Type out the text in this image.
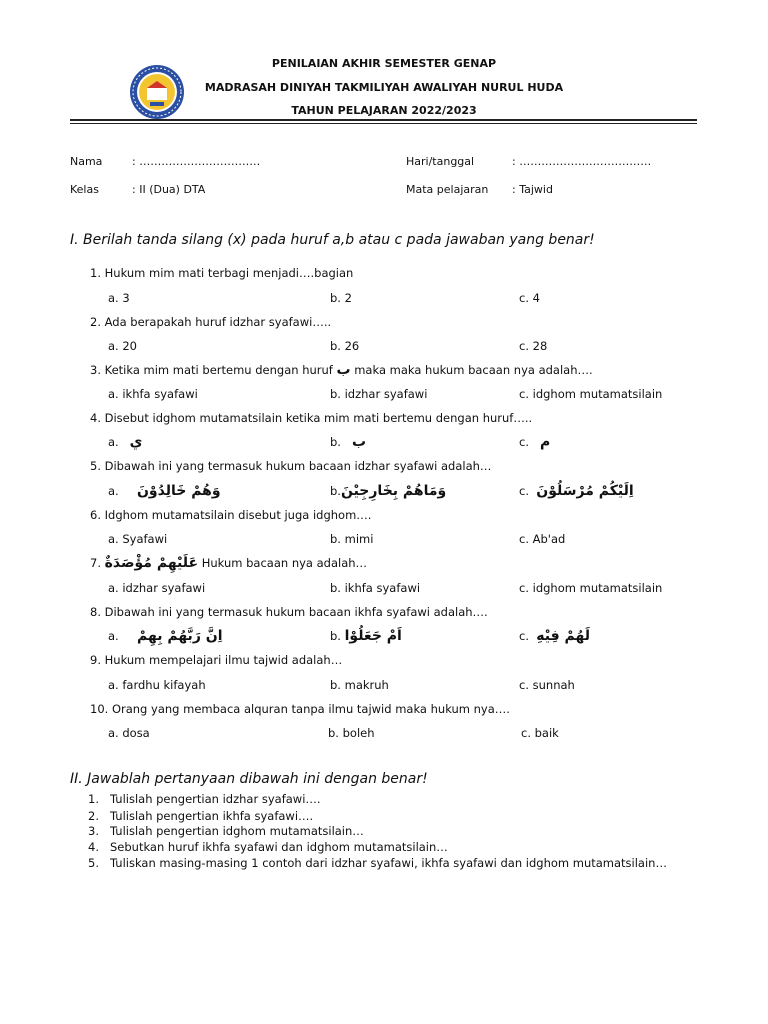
PENILAIAN AKHIR SEMESTER GENAP
MADRASAH DINIYAH TAKMILIYAH AWALIYAH NURUL HUDA
TAHUN PELAJARAN 2022/2023
Nama	: ……………………………	Hari/tanggal	: ………………………………
Kelas	: II (Dua) DTA	Mata pelajaran : Tajwid
I. Berilah tanda silang (x) pada huruf a,b atau c pada jawaban yang benar!
1. Hukum mim mati terbagi menjadi….bagian
a. 3	b. 2	c. 4
2. Ada berapakah huruf idzhar syafawi…..
a. 20	b. 26	c. 28
3. Ketika mim mati bertemu dengan huruf ب maka maka hukum bacaan nya adalah….
a. ikhfa syafawi	b. idzhar syafawi	c. idghom mutamatsilain
4. Disebut idghom mutamatsilain ketika mim mati bertemu dengan huruf…..
a. ي	b. ب	c. م
5. Dibawah ini yang termasuk hukum bacaan idzhar syafawi adalah…
a. وَهُمْ خَالِدُوْنَ	b.وَمَاهُمْ بِخَارِجِيْنَ	c. اِلَيْكُمْ مُرْسَلُوْنَ
6. Idghom mutamatsilain disebut juga idghom….
a. Syafawi	b. mimi	c. Ab'ad
7. عَلَيْهِمْ مُؤْصَدَةٌ Hukum bacaan nya adalah…
a. idzhar syafawi	b. ikhfa syafawi	c. idghom mutamatsilain
8. Dibawah ini yang termasuk hukum bacaan ikhfa syafawi adalah….
a. اِنَّ رَبَّهُمْ بِهِمْ	b. اَمْ جَعَلُوْا	c. لَهُمْ فِيْهِ
9. Hukum mempelajari ilmu tajwid adalah…
a. fardhu kifayah	b. makruh	c. sunnah
10. Orang yang membaca alquran tanpa ilmu tajwid maka hukum nya….
a. dosa	b. boleh	c. baik
II. Jawablah pertanyaan dibawah ini dengan benar!
1. Tulislah pengertian idzhar syafawi….
2. Tulislah pengertian ikhfa syafawi….
3. Tulislah pengertian idghom mutamatsilain…
4. Sebutkan huruf ikhfa syafawi dan idghom mutamatsilain…
5. Tuliskan masing-masing 1 contoh dari idzhar syafawi, ikhfa syafawi dan idghom mutamatsilain…
